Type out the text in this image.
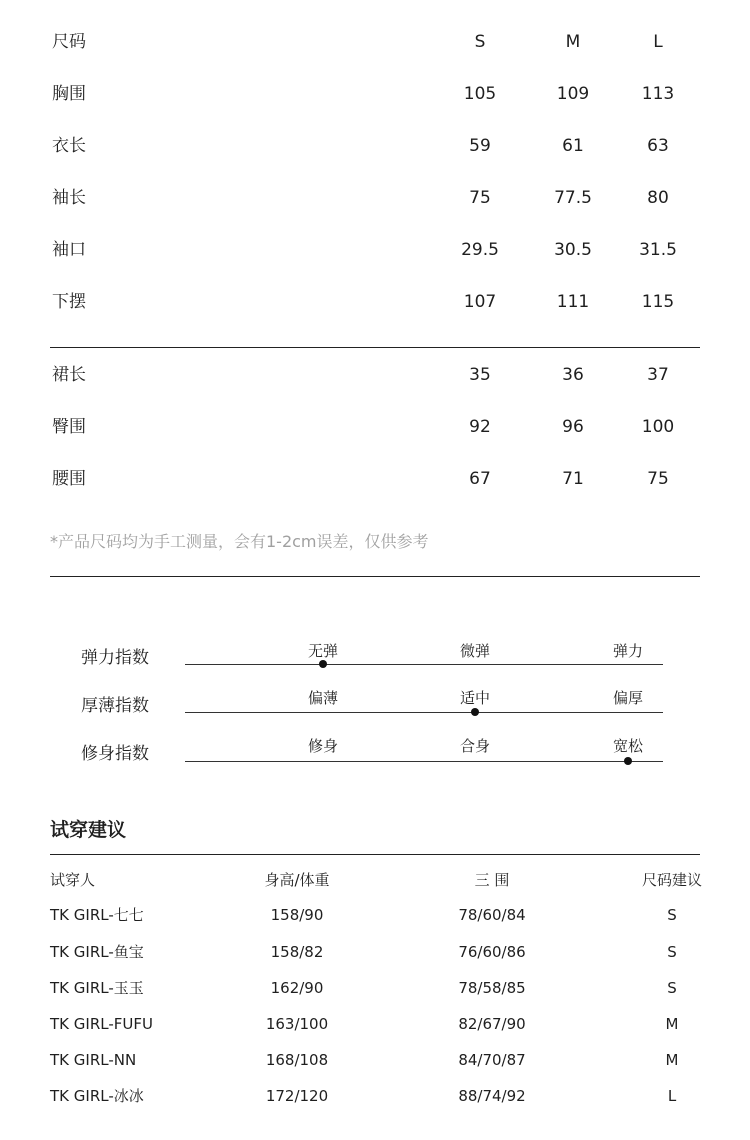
尺码	S	M	L
胸围	105	109	113
衣长	59	61	63
袖长	75	77.5	80
袖口	29.5	30.5	31.5
下摆	107	111	115
裙长	35	36	37
臀围	92	96	100
腰围	67	71	75
*产品尺码均为手工测量，会有1-2cm误差，仅供参考
弹力指数	无弹	微弹	弹力
厚薄指数	偏薄	适中	偏厚
修身指数	修身	合身	宽松
试穿建议
试穿人	身高/体重	三 围	尺码建议
TK GIRL-七七	158/90	78/60/84	S
TK GIRL-鱼宝	158/82	76/60/86	S
TK GIRL-玉玉	162/90	78/58/85	S
TK GIRL-FUFU	163/100	82/67/90	M
TK GIRL-NN	168/108	84/70/87	M
TK GIRL-冰冰	172/120	88/74/92	L
